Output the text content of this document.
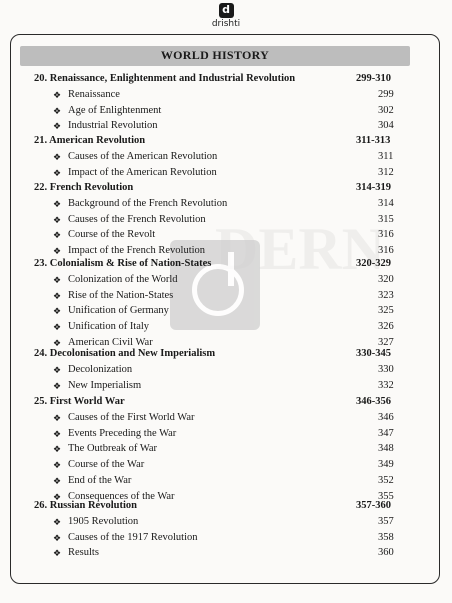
d
drishti
WORLD HISTORY
20. Renaissance, Enlightenment and Industrial Revolution	299-310
❖ Renaissance	299
❖ Age of Enlightenment	302
❖ Industrial Revolution	304
21. American Revolution	311-313
❖ Causes of the American Revolution	311
❖ Impact of the American Revolution	312
22. French Revolution	314-319
❖ Background of the French Revolution	314
❖ Causes of the French Revolution	315
❖ Course of the Revolt	316
❖ Impact of the French Revolution	316
23. Colonialism & Rise of Nation-States	320-329
❖ Colonization of the World	320
❖ Rise of the Nation-States	323
❖ Unification of Germany	325
❖ Unification of Italy	326
❖ American Civil War	327
24. Decolonisation and New Imperialism	330-345
❖ Decolonization	330
❖ New Imperialism	332
25. First World War	346-356
❖ Causes of the First World War	346
❖ Events Preceding the War	347
❖ The Outbreak of War	348
❖ Course of the War	349
❖ End of the War	352
❖ Consequences of the War	355
26. Russian Revolution	357-360
❖ 1905 Revolution	357
❖ Causes of the 1917 Revolution	358
❖ Results	360
